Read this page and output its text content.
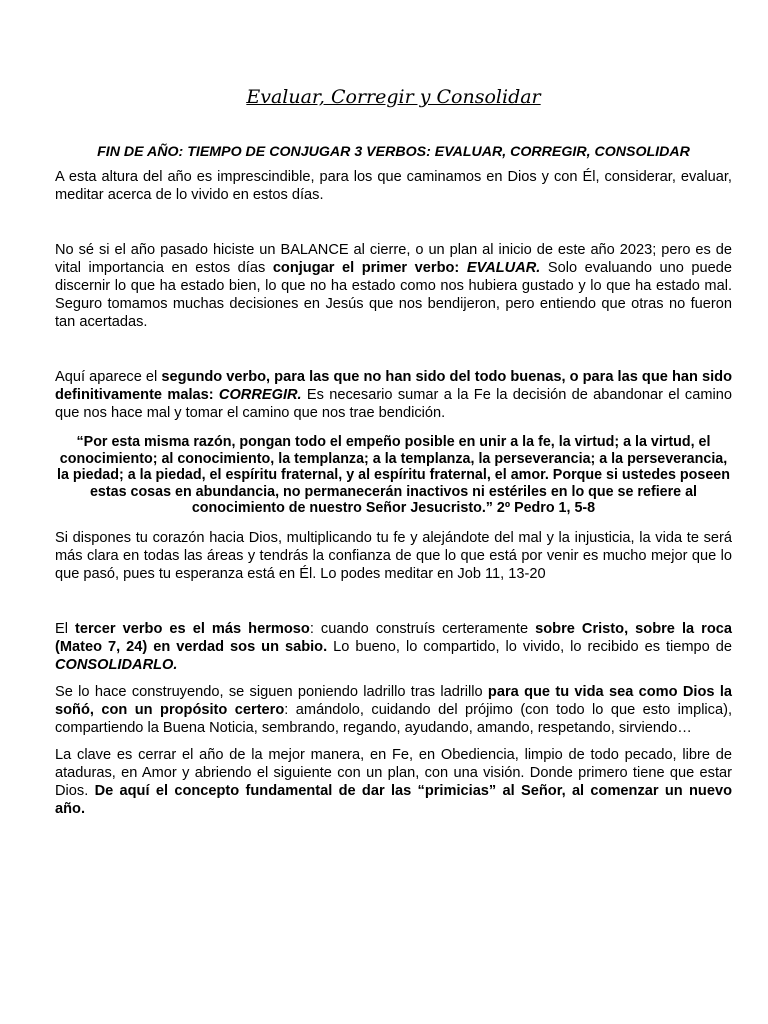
Evaluar, Corregir y Consolidar
FIN DE AÑO: TIEMPO DE CONJUGAR 3 VERBOS: EVALUAR, CORREGIR, CONSOLIDAR

A esta altura del año es imprescindible, para los que caminamos en Dios y con Él, considerar, evaluar, meditar acerca de lo vivido en estos días.

No sé si el año pasado hiciste un BALANCE al cierre, o un plan al inicio de este año 2023; pero es de vital importancia en estos días conjugar el primer verbo: EVALUAR. Solo evaluando uno puede discernir lo que ha estado bien, lo que no ha estado como nos hubiera gustado y lo que ha estado mal. Seguro tomamos muchas decisiones en Jesús que nos bendijeron, pero entiendo que otras no fueron tan acertadas.

Aquí aparece el segundo verbo, para las que no han sido del todo buenas, o para las que han sido definitivamente malas: CORREGIR. Es necesario sumar a la Fe la decisión de abandonar el camino que nos hace mal y tomar el camino que nos trae bendición.

“Por esta misma razón, pongan todo el empeño posible en unir a la fe, la virtud; a la virtud, el conocimiento; al conocimiento, la templanza; a la templanza, la perseverancia; a la perseverancia, la piedad; a la piedad, el espíritu fraternal, y al espíritu fraternal, el amor. Porque si ustedes poseen estas cosas en abundancia, no permanecerán inactivos ni estériles en lo que se refiere al conocimiento de nuestro Señor Jesucristo.” 2º Pedro 1, 5-8

Si dispones tu corazón hacia Dios, multiplicando tu fe y alejándote del mal y la injusticia, la vida te será más clara en todas las áreas y tendrás la confianza de que lo que está por venir es mucho mejor que lo que pasó, pues tu esperanza está en Él. Lo podes meditar en Job 11, 13-20

El tercer verbo es el más hermoso: cuando construís certeramente sobre Cristo, sobre la roca (Mateo 7, 24) en verdad sos un sabio. Lo bueno, lo compartido, lo vivido, lo recibido es tiempo de CONSOLIDARLO.

Se lo hace construyendo, se siguen poniendo ladrillo tras ladrillo para que tu vida sea como Dios la soñó, con un propósito certero: amándolo, cuidando del prójimo (con todo lo que esto implica), compartiendo la Buena Noticia, sembrando, regando, ayudando, amando, respetando, sirviendo…

La clave es cerrar el año de la mejor manera, en Fe, en Obediencia, limpio de todo pecado, libre de ataduras, en Amor y abriendo el siguiente con un plan, con una visión. Donde primero tiene que estar Dios. De aquí el concepto fundamental de dar las “primicias” al Señor, al comenzar un nuevo año.
